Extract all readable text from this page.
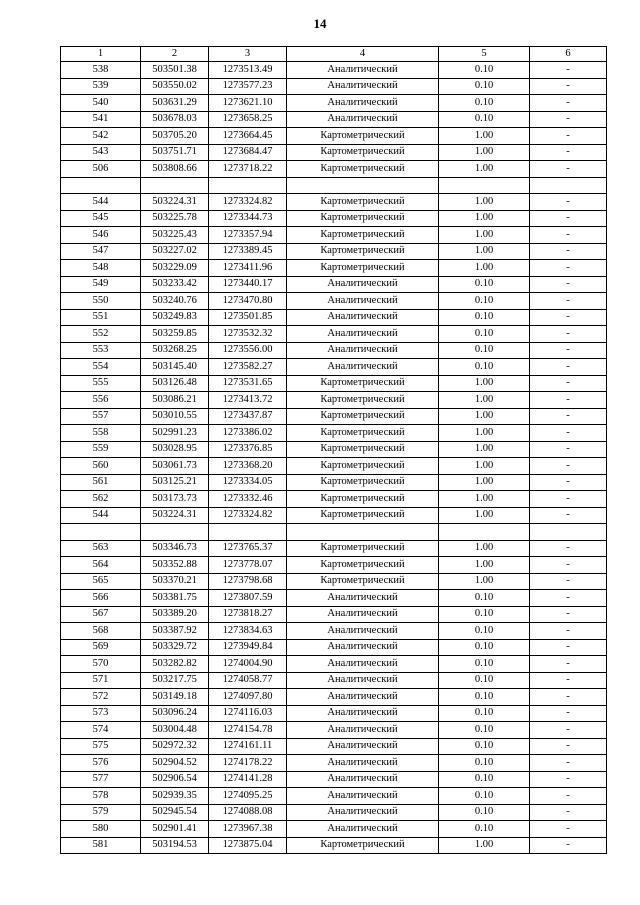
14
1	2	3	4	5	6
538	503501.38	1273513.49	Аналитический	0.10	-
539	503550.02	1273577.23	Аналитический	0.10	-
540	503631.29	1273621.10	Аналитический	0.10	-
541	503678.03	1273658.25	Аналитический	0.10	-
542	503705.20	1273664.45	Картометрический	1.00	-
543	503751.71	1273684.47	Картометрический	1.00	-
506	503808.66	1273718.22	Картометрический	1.00	-

544	503224.31	1273324.82	Картометрический	1.00	-
545	503225.78	1273344.73	Картометрический	1.00	-
546	503225.43	1273357.94	Картометрический	1.00	-
547	503227.02	1273389.45	Картометрический	1.00	-
548	503229.09	1273411.96	Картометрический	1.00	-
549	503233.42	1273440.17	Аналитический	0.10	-
550	503240.76	1273470.80	Аналитический	0.10	-
551	503249.83	1273501.85	Аналитический	0.10	-
552	503259.85	1273532.32	Аналитический	0.10	-
553	503268.25	1273556.00	Аналитический	0.10	-
554	503145.40	1273582.27	Аналитический	0.10	-
555	503126.48	1273531.65	Картометрический	1.00	-
556	503086.21	1273413.72	Картометрический	1.00	-
557	503010.55	1273437.87	Картометрический	1.00	-
558	502991.23	1273386.02	Картометрический	1.00	-
559	503028.95	1273376.85	Картометрический	1.00	-
560	503061.73	1273368.20	Картометрический	1.00	-
561	503125.21	1273334.05	Картометрический	1.00	-
562	503173.73	1273332.46	Картометрический	1.00	-
544	503224.31	1273324.82	Картометрический	1.00	-

563	503346.73	1273765.37	Картометрический	1.00	-
564	503352.88	1273778.07	Картометрический	1.00	-
565	503370.21	1273798.68	Картометрический	1.00	-
566	503381.75	1273807.59	Аналитический	0.10	-
567	503389.20	1273818.27	Аналитический	0.10	-
568	503387.92	1273834.63	Аналитический	0.10	-
569	503329.72	1273949.84	Аналитический	0.10	-
570	503282.82	1274004.90	Аналитический	0.10	-
571	503217.75	1274058.77	Аналитический	0.10	-
572	503149.18	1274097.80	Аналитический	0.10	-
573	503096.24	1274116.03	Аналитический	0.10	-
574	503004.48	1274154.78	Аналитический	0.10	-
575	502972.32	1274161.11	Аналитический	0.10	-
576	502904.52	1274178.22	Аналитический	0.10	-
577	502906.54	1274141.28	Аналитический	0.10	-
578	502939.35	1274095.25	Аналитический	0.10	-
579	502945.54	1274088.08	Аналитический	0.10	-
580	502901.41	1273967.38	Аналитический	0.10	-
581	503194.53	1273875.04	Картометрический	1.00	-
